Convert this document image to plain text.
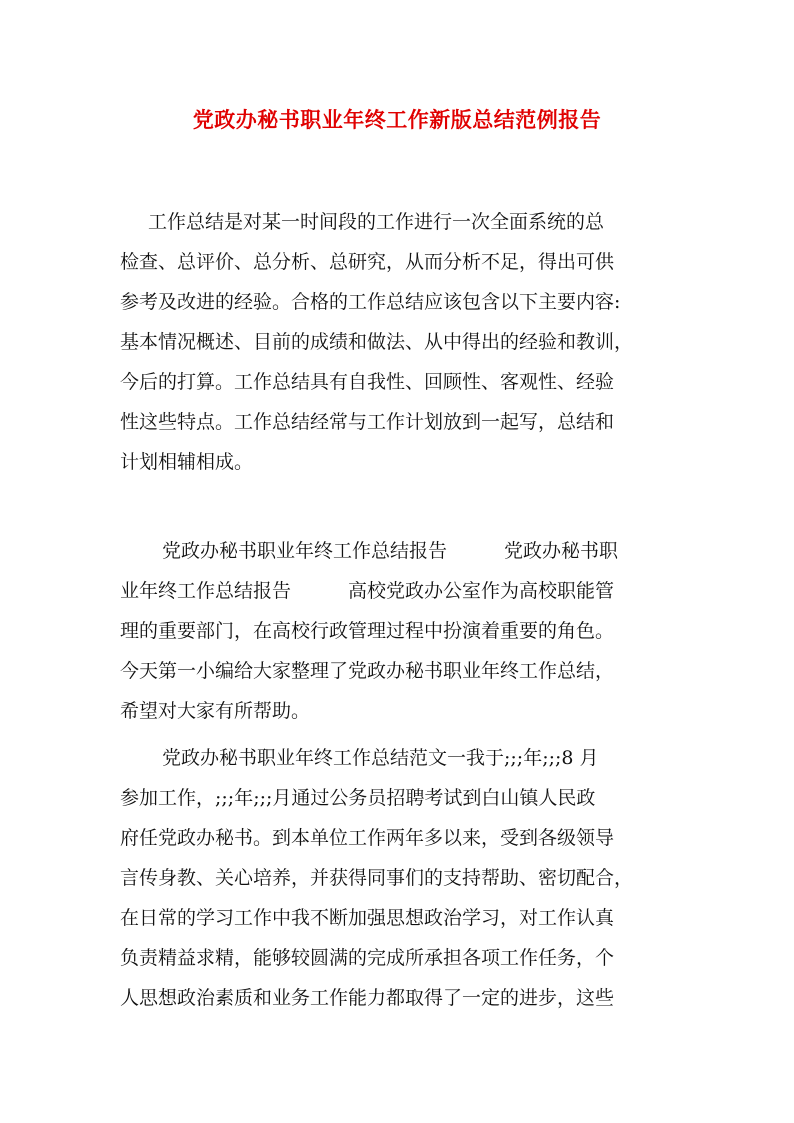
党政办秘书职业年终工作新版总结范例报告
工作总结是对某一时间段的工作进行一次全面系统的总
检查、总评价、总分析、总研究，从而分析不足，得出可供
参考及改进的经验。合格的工作总结应该包含以下主要内容:
基本情况概述、目前的成绩和做法、从中得出的经验和教训，
今后的打算。工作总结具有自我性、回顾性、客观性、经验
性这些特点。工作总结经常与工作计划放到一起写，总结和
计划相辅相成。
党政办秘书职业年终工作总结报告　　　党政办秘书职
业年终工作总结报告　　　高校党政办公室作为高校职能管
理的重要部门，在高校行政管理过程中扮演着重要的角色。
今天第一小编给大家整理了党政办秘书职业年终工作总结，
希望对大家有所帮助。
党政办秘书职业年终工作总结范文一我于;;;年;;;8 月
参加工作，;;;年;;;月通过公务员招聘考试到白山镇人民政
府任党政办秘书。到本单位工作两年多以来，受到各级领导
言传身教、关心培养，并获得同事们的支持帮助、密切配合，
在日常的学习工作中我不断加强思想政治学习，对工作认真
负责精益求精，能够较圆满的完成所承担各项工作任务，个
人思想政治素质和业务工作能力都取得了一定的进步，这些
